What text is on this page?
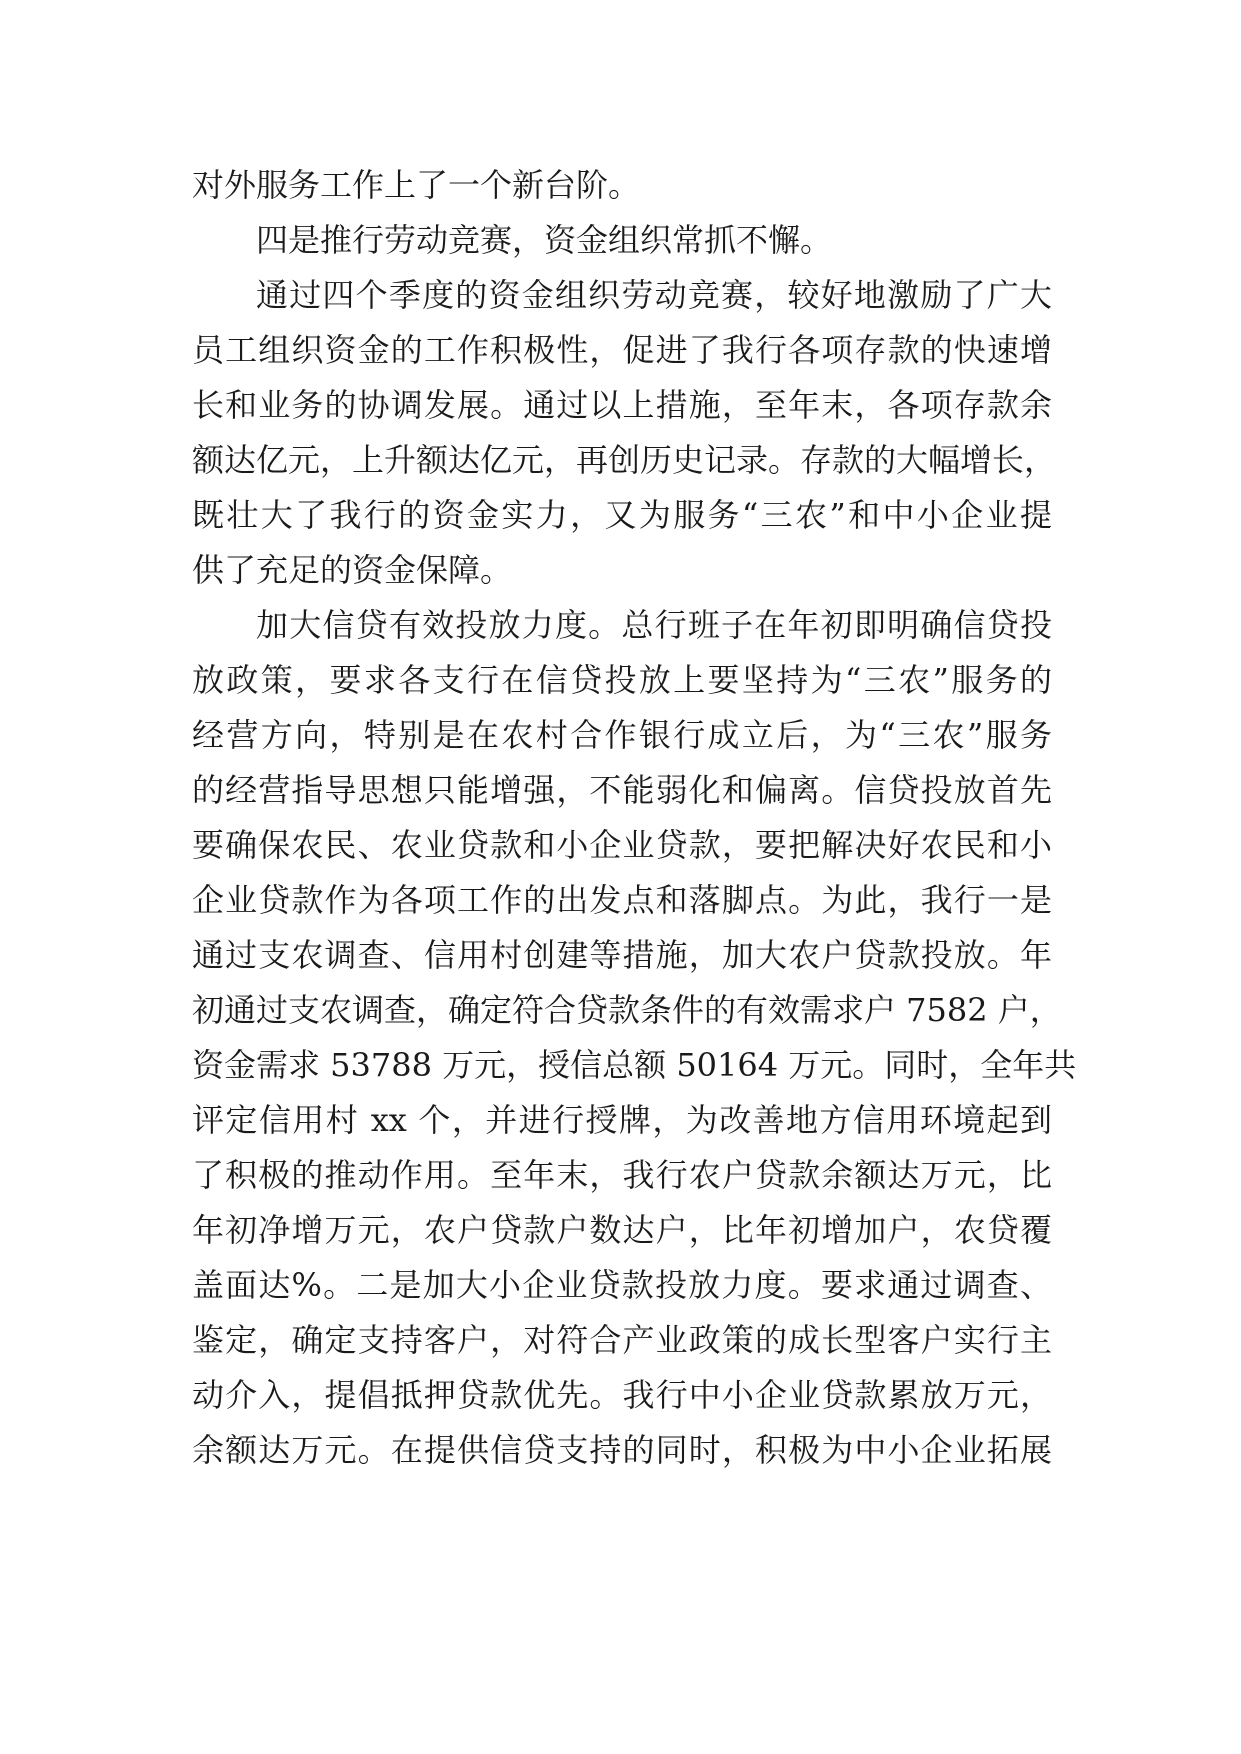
对外服务工作上了一个新台阶。
四是推行劳动竞赛，资金组织常抓不懈。
通过四个季度的资金组织劳动竞赛，较好地激励了广大
员工组织资金的工作积极性，促进了我行各项存款的快速增
长和业务的协调发展。通过以上措施，至年末，各项存款余
额达亿元，上升额达亿元，再创历史记录。存款的大幅增长，
既壮大了我行的资金实力，又为服务“三农”和中小企业提
供了充足的资金保障。
加大信贷有效投放力度。总行班子在年初即明确信贷投
放政策，要求各支行在信贷投放上要坚持为“三农”服务的
经营方向，特别是在农村合作银行成立后，为“三农”服务
的经营指导思想只能增强，不能弱化和偏离。信贷投放首先
要确保农民、农业贷款和小企业贷款，要把解决好农民和小
企业贷款作为各项工作的出发点和落脚点。为此，我行一是
通过支农调查、信用村创建等措施，加大农户贷款投放。年
初通过支农调查，确定符合贷款条件的有效需求户 7582 户，
资金需求 53788 万元，授信总额 50164 万元。同时，全年共
评定信用村 xx 个，并进行授牌，为改善地方信用环境起到
了积极的推动作用。至年末，我行农户贷款余额达万元，比
年初净增万元，农户贷款户数达户，比年初增加户，农贷覆
盖面达%。二是加大小企业贷款投放力度。要求通过调查、
鉴定，确定支持客户，对符合产业政策的成长型客户实行主
动介入，提倡抵押贷款优先。我行中小企业贷款累放万元，
余额达万元。在提供信贷支持的同时，积极为中小企业拓展
